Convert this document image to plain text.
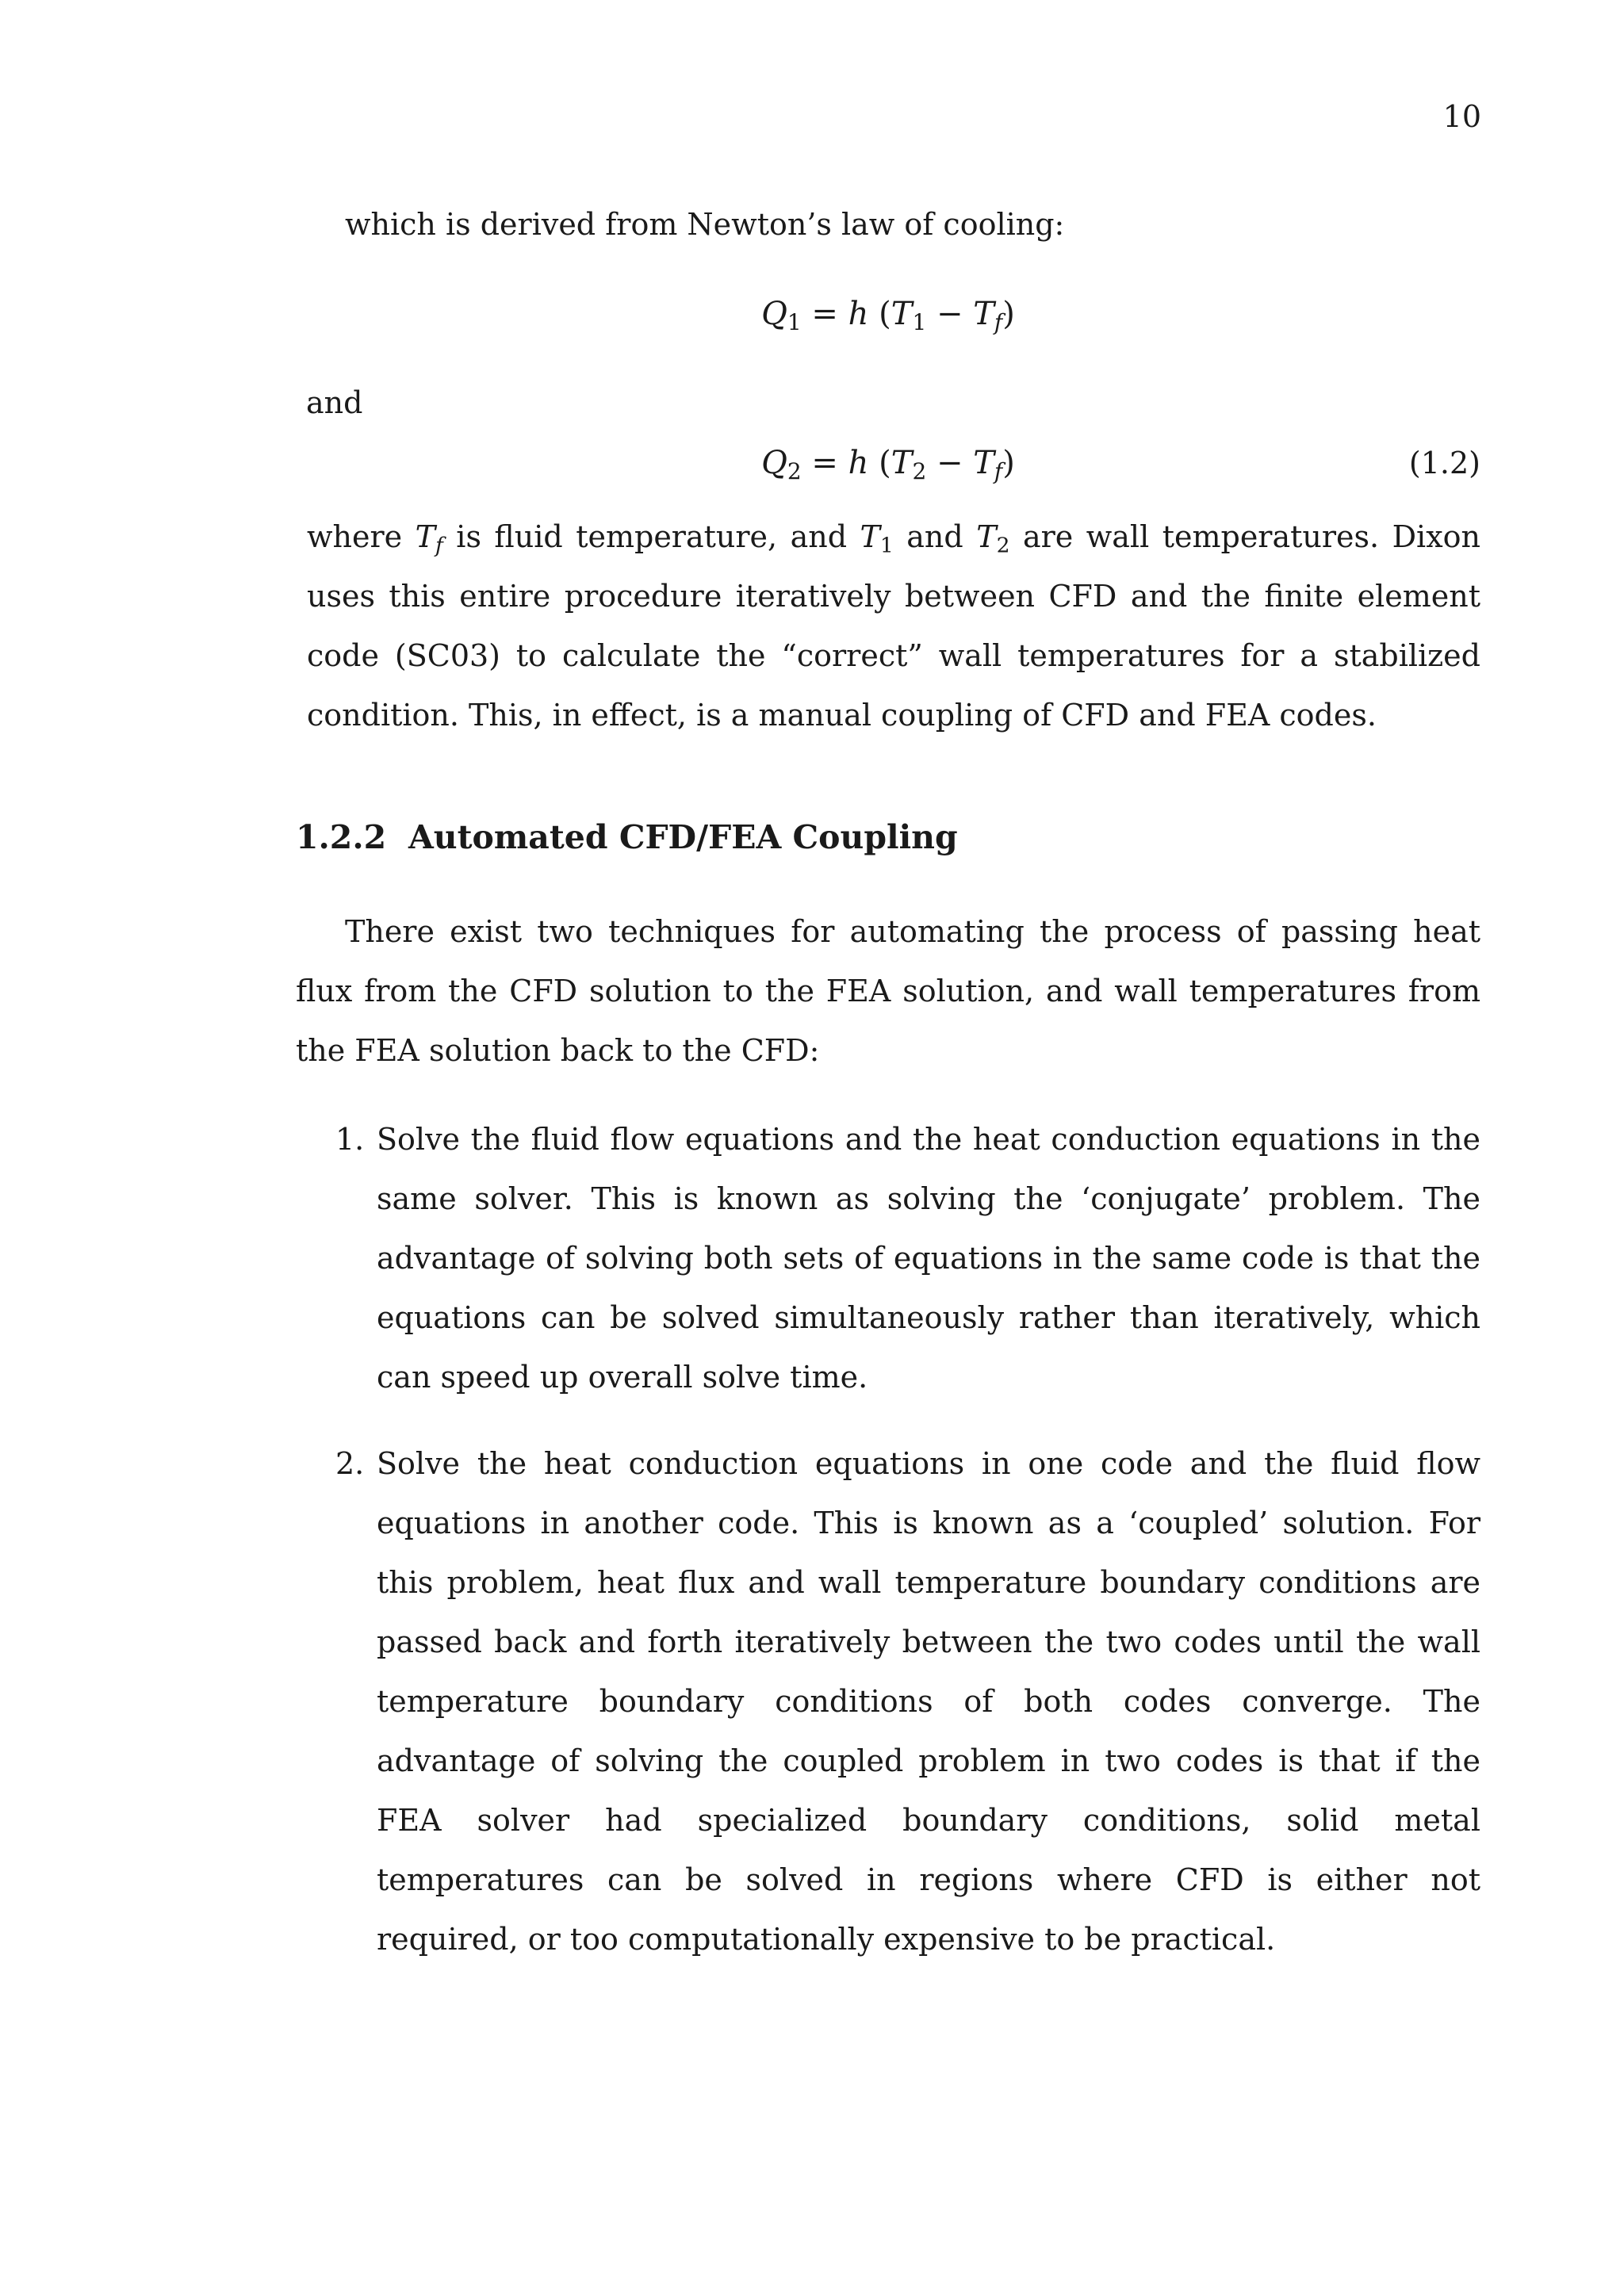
10

which is derived from Newton’s law of cooling:

$Q_1 = h$ $(T_1 - T_f)$
and
$Q_2 = h$ $(T_2 - T_f)$	(1.2)

where $T_f$ is fluid temperature, and $T_1$ and $T_2$ are wall temperatures. Dixon uses this entire procedure iteratively between CFD and the finite element code (SC03) to calculate the “correct” wall temperatures for a stabilized condition. This, in effect, is a manual coupling of CFD and FEA codes.

1.2.2 Automated CFD/FEA Coupling

There exist two techniques for automating the process of passing heat flux from the CFD solution to the FEA solution, and wall temperatures from the FEA solution back to the CFD:

1. Solve the fluid flow equations and the heat conduction equations in the same solver. This is known as solving the ‘conjugate’ problem. The advantage of solving both sets of equations in the same code is that the equations can be solved simultaneously rather than iteratively, which can speed up overall solve time.
2. Solve the heat conduction equations in one code and the fluid flow equations in another code. This is known as a ‘coupled’ solution. For this problem, heat flux and wall temperature boundary conditions are passed back and forth iteratively between the two codes until the wall temperature boundary conditions of both codes converge. The advantage of solving the coupled problem in two codes is that if the FEA solver had specialized boundary conditions, solid metal temperatures can be solved in regions where CFD is either not required, or too computationally expensive to be practical.
